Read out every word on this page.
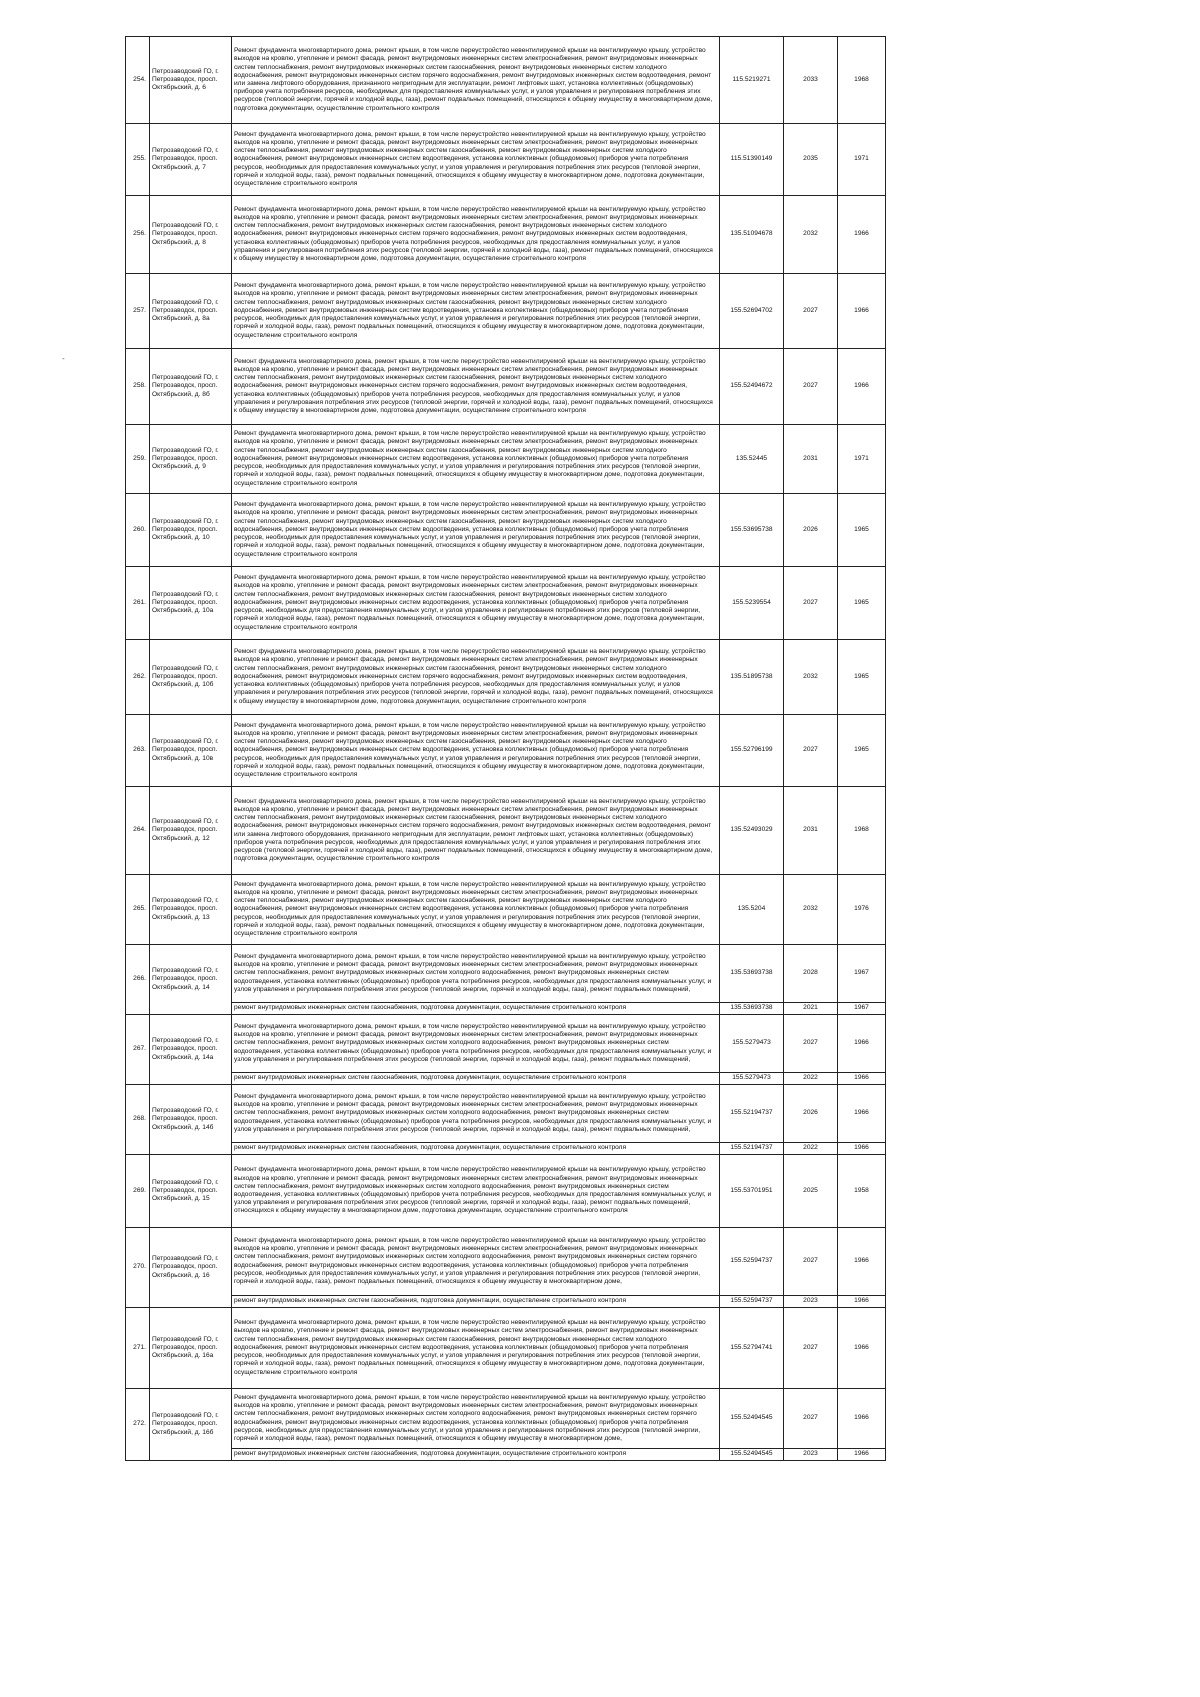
254.	Петрозаводский ГО, г. Петрозаводск, просп. Октябрьский, д. 6	Ремонт фундамента многоквартирного дома, ремонт крыши, в том числе переустройство невентилируемой крыши на вентилируемую крышу, устройство выходов на кровлю, утепление и ремонт фасада, ремонт внутридомовых инженерных систем электроснабжения, ремонт внутридомовых инженерных систем теплоснабжения, ремонт внутридомовых инженерных систем газоснабжения, ремонт внутридомовых инженерных систем холодного водоснабжения, ремонт внутридомовых инженерных систем горячего водоснабжения, ремонт внутридомовых инженерных систем водоотведения, ремонт или замена лифтового оборудования, признанного непригодным для эксплуатации, ремонт лифтовых шахт, установка коллективных (общедомовых) приборов учета потребления ресурсов, необходимых для предоставления коммунальных услуг, и узлов управления и регулирования потребления этих ресурсов (тепловой энергии, горячей и холодной воды, газа), ремонт подвальных помещений, относящихся к общему имуществу в многоквартирном доме, подготовка документации, осуществление строительного контроля	115.5219271	2033	1968
255.	Петрозаводский ГО, г. Петрозаводск, просп. Октябрьский, д. 7	Ремонт фундамента многоквартирного дома, ремонт крыши, в том числе переустройство невентилируемой крыши на вентилируемую крышу, устройство выходов на кровлю, утепление и ремонт фасада, ремонт внутридомовых инженерных систем электроснабжения, ремонт внутридомовых инженерных систем теплоснабжения, ремонт внутридомовых инженерных систем газоснабжения, ремонт внутридомовых инженерных систем холодного водоснабжения, ремонт внутридомовых инженерных систем водоотведения, установка коллективных (общедомовых) приборов учета потребления ресурсов, необходимых для предоставления коммунальных услуг, и узлов управления и регулирования потребления этих ресурсов (тепловой энергии, горячей и холодной воды, газа), ремонт подвальных помещений, относящихся к общему имуществу в многоквартирном доме, подготовка документации, осуществление строительного контроля	115.51390149	2035	1971
256.	Петрозаводский ГО, г. Петрозаводск, просп. Октябрьский, д. 8	Ремонт фундамента многоквартирного дома, ремонт крыши, в том числе переустройство невентилируемой крыши на вентилируемую крышу, устройство выходов на кровлю, утепление и ремонт фасада, ремонт внутридомовых инженерных систем электроснабжения, ремонт внутридомовых инженерных систем теплоснабжения, ремонт внутридомовых инженерных систем газоснабжения, ремонт внутридомовых инженерных систем холодного водоснабжения, ремонт внутридомовых инженерных систем горячего водоснабжения, ремонт внутридомовых инженерных систем водоотведения, установка коллективных (общедомовых) приборов учета потребления ресурсов, необходимых для предоставления коммунальных услуг, и узлов управления и регулирования потребления этих ресурсов (тепловой энергии, горячей и холодной воды, газа), ремонт подвальных помещений, относящихся к общему имуществу в многоквартирном доме, подготовка документации, осуществление строительного контроля	135.51094678	2032	1966
257.	Петрозаводский ГО, г. Петрозаводск, просп. Октябрьский, д. 8а	Ремонт фундамента многоквартирного дома, ремонт крыши, в том числе переустройство невентилируемой крыши на вентилируемую крышу, устройство выходов на кровлю, утепление и ремонт фасада, ремонт внутридомовых инженерных систем электроснабжения, ремонт внутридомовых инженерных систем теплоснабжения, ремонт внутридомовых инженерных систем газоснабжения, ремонт внутридомовых инженерных систем холодного водоснабжения, ремонт внутридомовых инженерных систем водоотведения, установка коллективных (общедомовых) приборов учета потребления ресурсов, необходимых для предоставления коммунальных услуг, и узлов управления и регулирования потребления этих ресурсов (тепловой энергии, горячей и холодной воды, газа), ремонт подвальных помещений, относящихся к общему имуществу в многоквартирном доме, подготовка документации, осуществление строительного контроля	155.52694702	2027	1966
258.	Петрозаводский ГО, г. Петрозаводск, просп. Октябрьский, д. 8б	Ремонт фундамента многоквартирного дома, ремонт крыши, в том числе переустройство невентилируемой крыши на вентилируемую крышу, устройство выходов на кровлю, утепление и ремонт фасада, ремонт внутридомовых инженерных систем электроснабжения, ремонт внутридомовых инженерных систем теплоснабжения, ремонт внутридомовых инженерных систем газоснабжения, ремонт внутридомовых инженерных систем холодного водоснабжения, ремонт внутридомовых инженерных систем горячего водоснабжения, ремонт внутридомовых инженерных систем водоотведения, установка коллективных (общедомовых) приборов учета потребления ресурсов, необходимых для предоставления коммунальных услуг, и узлов управления и регулирования потребления этих ресурсов (тепловой энергии, горячей и холодной воды, газа), ремонт подвальных помещений, относящихся к общему имуществу в многоквартирном доме, подготовка документации, осуществление строительного контроля	155.52494672	2027	1966
259.	Петрозаводский ГО, г. Петрозаводск, просп. Октябрьский, д. 9	Ремонт фундамента многоквартирного дома, ремонт крыши, в том числе переустройство невентилируемой крыши на вентилируемую крышу, устройство выходов на кровлю, утепление и ремонт фасада, ремонт внутридомовых инженерных систем электроснабжения, ремонт внутридомовых инженерных систем теплоснабжения, ремонт внутридомовых инженерных систем газоснабжения, ремонт внутридомовых инженерных систем холодного водоснабжения, ремонт внутридомовых инженерных систем водоотведения, установка коллективных (общедомовых) приборов учета потребления ресурсов, необходимых для предоставления коммунальных услуг, и узлов управления и регулирования потребления этих ресурсов (тепловой энергии, горячей и холодной воды, газа), ремонт подвальных помещений, относящихся к общему имуществу в многоквартирном доме, подготовка документации, осуществление строительного контроля	135.52445	2031	1971
260.	Петрозаводский ГО, г. Петрозаводск, просп. Октябрьский, д. 10	Ремонт фундамента многоквартирного дома, ремонт крыши, в том числе переустройство невентилируемой крыши на вентилируемую крышу, устройство выходов на кровлю, утепление и ремонт фасада, ремонт внутридомовых инженерных систем электроснабжения, ремонт внутридомовых инженерных систем теплоснабжения, ремонт внутридомовых инженерных систем газоснабжения, ремонт внутридомовых инженерных систем холодного водоснабжения, ремонт внутридомовых инженерных систем водоотведения, установка коллективных (общедомовых) приборов учета потребления ресурсов, необходимых для предоставления коммунальных услуг, и узлов управления и регулирования потребления этих ресурсов (тепловой энергии, горячей и холодной воды, газа), ремонт подвальных помещений, относящихся к общему имуществу в многоквартирном доме, подготовка документации, осуществление строительного контроля	155.53695738	2026	1965
261.	Петрозаводский ГО, г. Петрозаводск, просп. Октябрьский, д. 10а	Ремонт фундамента многоквартирного дома, ремонт крыши, в том числе переустройство невентилируемой крыши на вентилируемую крышу, устройство выходов на кровлю, утепление и ремонт фасада, ремонт внутридомовых инженерных систем электроснабжения, ремонт внутридомовых инженерных систем теплоснабжения, ремонт внутридомовых инженерных систем газоснабжения, ремонт внутридомовых инженерных систем холодного водоснабжения, ремонт внутридомовых инженерных систем водоотведения, установка коллективных (общедомовых) приборов учета потребления ресурсов, необходимых для предоставления коммунальных услуг, и узлов управления и регулирования потребления этих ресурсов (тепловой энергии, горячей и холодной воды, газа), ремонт подвальных помещений, относящихся к общему имуществу в многоквартирном доме, подготовка документации, осуществление строительного контроля	155.5239554	2027	1965
262.	Петрозаводский ГО, г. Петрозаводск, просп. Октябрьский, д. 10б	Ремонт фундамента многоквартирного дома, ремонт крыши, в том числе переустройство невентилируемой крыши на вентилируемую крышу, устройство выходов на кровлю, утепление и ремонт фасада, ремонт внутридомовых инженерных систем электроснабжения, ремонт внутридомовых инженерных систем теплоснабжения, ремонт внутридомовых инженерных систем газоснабжения, ремонт внутридомовых инженерных систем холодного водоснабжения, ремонт внутридомовых инженерных систем горячего водоснабжения, ремонт внутридомовых инженерных систем водоотведения, установка коллективных (общедомовых) приборов учета потребления ресурсов, необходимых для предоставления коммунальных услуг, и узлов управления и регулирования потребления этих ресурсов (тепловой энергии, горячей и холодной воды, газа), ремонт подвальных помещений, относящихся к общему имуществу в многоквартирном доме, подготовка документации, осуществление строительного контроля	135.51895738	2032	1965
263.	Петрозаводский ГО, г. Петрозаводск, просп. Октябрьский, д. 10в	Ремонт фундамента многоквартирного дома, ремонт крыши, в том числе переустройство невентилируемой крыши на вентилируемую крышу, устройство выходов на кровлю, утепление и ремонт фасада, ремонт внутридомовых инженерных систем электроснабжения, ремонт внутридомовых инженерных систем теплоснабжения, ремонт внутридомовых инженерных систем газоснабжения, ремонт внутридомовых инженерных систем холодного водоснабжения, ремонт внутридомовых инженерных систем водоотведения, установка коллективных (общедомовых) приборов учета потребления ресурсов, необходимых для предоставления коммунальных услуг, и узлов управления и регулирования потребления этих ресурсов (тепловой энергии, горячей и холодной воды, газа), ремонт подвальных помещений, относящихся к общему имуществу в многоквартирном доме, подготовка документации, осуществление строительного контроля	155.52796199	2027	1965
264.	Петрозаводский ГО, г. Петрозаводск, просп. Октябрьский, д. 12	Ремонт фундамента многоквартирного дома, ремонт крыши, в том числе переустройство невентилируемой крыши на вентилируемую крышу, устройство выходов на кровлю, утепление и ремонт фасада, ремонт внутридомовых инженерных систем электроснабжения, ремонт внутридомовых инженерных систем теплоснабжения, ремонт внутридомовых инженерных систем газоснабжения, ремонт внутридомовых инженерных систем холодного водоснабжения, ремонт внутридомовых инженерных систем горячего водоснабжения, ремонт внутридомовых инженерных систем водоотведения, ремонт или замена лифтового оборудования, признанного непригодным для эксплуатации, ремонт лифтовых шахт, установка коллективных (общедомовых) приборов учета потребления ресурсов, необходимых для предоставления коммунальных услуг, и узлов управления и регулирования потребления этих ресурсов (тепловой энергии, горячей и холодной воды, газа), ремонт подвальных помещений, относящихся к общему имуществу в многоквартирном доме, подготовка документации, осуществление строительного контроля	135.52493029	2031	1968
265.	Петрозаводский ГО, г. Петрозаводск, просп. Октябрьский, д. 13	Ремонт фундамента многоквартирного дома, ремонт крыши, в том числе переустройство невентилируемой крыши на вентилируемую крышу, устройство выходов на кровлю, утепление и ремонт фасада, ремонт внутридомовых инженерных систем электроснабжения, ремонт внутридомовых инженерных систем теплоснабжения, ремонт внутридомовых инженерных систем газоснабжения, ремонт внутридомовых инженерных систем холодного водоснабжения, ремонт внутридомовых инженерных систем водоотведения, установка коллективных (общедомовых) приборов учета потребления ресурсов, необходимых для предоставления коммунальных услуг, и узлов управления и регулирования потребления этих ресурсов (тепловой энергии, горячей и холодной воды, газа), ремонт подвальных помещений, относящихся к общему имуществу в многоквартирном доме, подготовка документации, осуществление строительного контроля	135.5204	2032	1976
266.	Петрозаводский ГО, г. Петрозаводск, просп. Октябрьский, д. 14	Ремонт фундамента многоквартирного дома, ремонт крыши, в том числе переустройство невентилируемой крыши на вентилируемую крышу, устройство выходов на кровлю, утепление и ремонт фасада, ремонт внутридомовых инженерных систем электроснабжения, ремонт внутридомовых инженерных систем теплоснабжения, ремонт внутридомовых инженерных систем холодного водоснабжения, ремонт внутридомовых инженерных систем водоотведения, установка коллективных (общедомовых) приборов учета потребления ресурсов, необходимых для предоставления коммунальных услуг, и узлов управления и регулирования потребления этих ресурсов (тепловой энергии, горячей и холодной воды, газа), ремонт подвальных помещений,	135.53693738	2028	1967
		ремонт внутридомовых инженерных систем газоснабжения, подготовка документации, осуществление строительного контроля	135.53693738	2021	1967
267.	Петрозаводский ГО, г. Петрозаводск, просп. Октябрьский, д. 14а	Ремонт фундамента многоквартирного дома, ремонт крыши, в том числе переустройство невентилируемой крыши на вентилируемую крышу, устройство выходов на кровлю, утепление и ремонт фасада, ремонт внутридомовых инженерных систем электроснабжения, ремонт внутридомовых инженерных систем теплоснабжения, ремонт внутридомовых инженерных систем холодного водоснабжения, ремонт внутридомовых инженерных систем водоотведения, установка коллективных (общедомовых) приборов учета потребления ресурсов, необходимых для предоставления коммунальных услуг, и узлов управления и регулирования потребления этих ресурсов (тепловой энергии, горячей и холодной воды, газа), ремонт подвальных помещений,	155.5279473	2027	1966
		ремонт внутридомовых инженерных систем газоснабжения, подготовка документации, осуществление строительного контроля	155.5279473	2022	1966
268.	Петрозаводский ГО, г. Петрозаводск, просп. Октябрьский, д. 14б	Ремонт фундамента многоквартирного дома, ремонт крыши, в том числе переустройство невентилируемой крыши на вентилируемую крышу, устройство выходов на кровлю, утепление и ремонт фасада, ремонт внутридомовых инженерных систем электроснабжения, ремонт внутридомовых инженерных систем теплоснабжения, ремонт внутридомовых инженерных систем холодного водоснабжения, ремонт внутридомовых инженерных систем водоотведения, установка коллективных (общедомовых) приборов учета потребления ресурсов, необходимых для предоставления коммунальных услуг, и узлов управления и регулирования потребления этих ресурсов (тепловой энергии, горячей и холодной воды, газа), ремонт подвальных помещений,	155.52194737	2026	1966
		ремонт внутридомовых инженерных систем газоснабжения, подготовка документации, осуществление строительного контроля	155.52194737	2022	1966
269.	Петрозаводский ГО, г. Петрозаводск, просп. Октябрьский, д. 15	Ремонт фундамента многоквартирного дома, ремонт крыши, в том числе переустройство невентилируемой крыши на вентилируемую крышу, устройство выходов на кровлю, утепление и ремонт фасада, ремонт внутридомовых инженерных систем электроснабжения, ремонт внутридомовых инженерных систем теплоснабжения, ремонт внутридомовых инженерных систем холодного водоснабжения, ремонт внутридомовых инженерных систем водоотведения, установка коллективных (общедомовых) приборов учета потребления ресурсов, необходимых для предоставления коммунальных услуг, и узлов управления и регулирования потребления этих ресурсов (тепловой энергии, горячей и холодной воды, газа), ремонт подвальных помещений, относящихся к общему имуществу в многоквартирном доме, подготовка документации, осуществление строительного контроля	155.53701951	2025	1958
270.	Петрозаводский ГО, г. Петрозаводск, просп. Октябрьский, д. 16	Ремонт фундамента многоквартирного дома, ремонт крыши, в том числе переустройство невентилируемой крыши на вентилируемую крышу, устройство выходов на кровлю, утепление и ремонт фасада, ремонт внутридомовых инженерных систем электроснабжения, ремонт внутридомовых инженерных систем теплоснабжения, ремонт внутридомовых инженерных систем холодного водоснабжения, ремонт внутридомовых инженерных систем горячего водоснабжения, ремонт внутридомовых инженерных систем водоотведения, установка коллективных (общедомовых) приборов учета потребления ресурсов, необходимых для предоставления коммунальных услуг, и узлов управления и регулирования потребления этих ресурсов (тепловой энергии, горячей и холодной воды, газа), ремонт подвальных помещений, относящихся к общему имуществу в многоквартирном доме,	155.52594737	2027	1966
		ремонт внутридомовых инженерных систем газоснабжения, подготовка документации, осуществление строительного контроля	155.52594737	2023	1966
271.	Петрозаводский ГО, г. Петрозаводск, просп. Октябрьский, д. 16а	Ремонт фундамента многоквартирного дома, ремонт крыши, в том числе переустройство невентилируемой крыши на вентилируемую крышу, устройство выходов на кровлю, утепление и ремонт фасада, ремонт внутридомовых инженерных систем электроснабжения, ремонт внутридомовых инженерных систем теплоснабжения, ремонт внутридомовых инженерных систем газоснабжения, ремонт внутридомовых инженерных систем холодного водоснабжения, ремонт внутридомовых инженерных систем водоотведения, установка коллективных (общедомовых) приборов учета потребления ресурсов, необходимых для предоставления коммунальных услуг, и узлов управления и регулирования потребления этих ресурсов (тепловой энергии, горячей и холодной воды, газа), ремонт подвальных помещений, относящихся к общему имуществу в многоквартирном доме, подготовка документации, осуществление строительного контроля	155.52794741	2027	1966
272.	Петрозаводский ГО, г. Петрозаводск, просп. Октябрьский, д. 16б	Ремонт фундамента многоквартирного дома, ремонт крыши, в том числе переустройство невентилируемой крыши на вентилируемую крышу, устройство выходов на кровлю, утепление и ремонт фасада, ремонт внутридомовых инженерных систем электроснабжения, ремонт внутридомовых инженерных систем теплоснабжения, ремонт внутридомовых инженерных систем холодного водоснабжения, ремонт внутридомовых инженерных систем горячего водоснабжения, ремонт внутридомовых инженерных систем водоотведения, установка коллективных (общедомовых) приборов учета потребления ресурсов, необходимых для предоставления коммунальных услуг, и узлов управления и регулирования потребления этих ресурсов (тепловой энергии, горячей и холодной воды, газа), ремонт подвальных помещений, относящихся к общему имуществу в многоквартирном доме,	155.52494545	2027	1966
		ремонт внутридомовых инженерных систем газоснабжения, подготовка документации, осуществление строительного контроля	155.52494545	2023	1966
-
